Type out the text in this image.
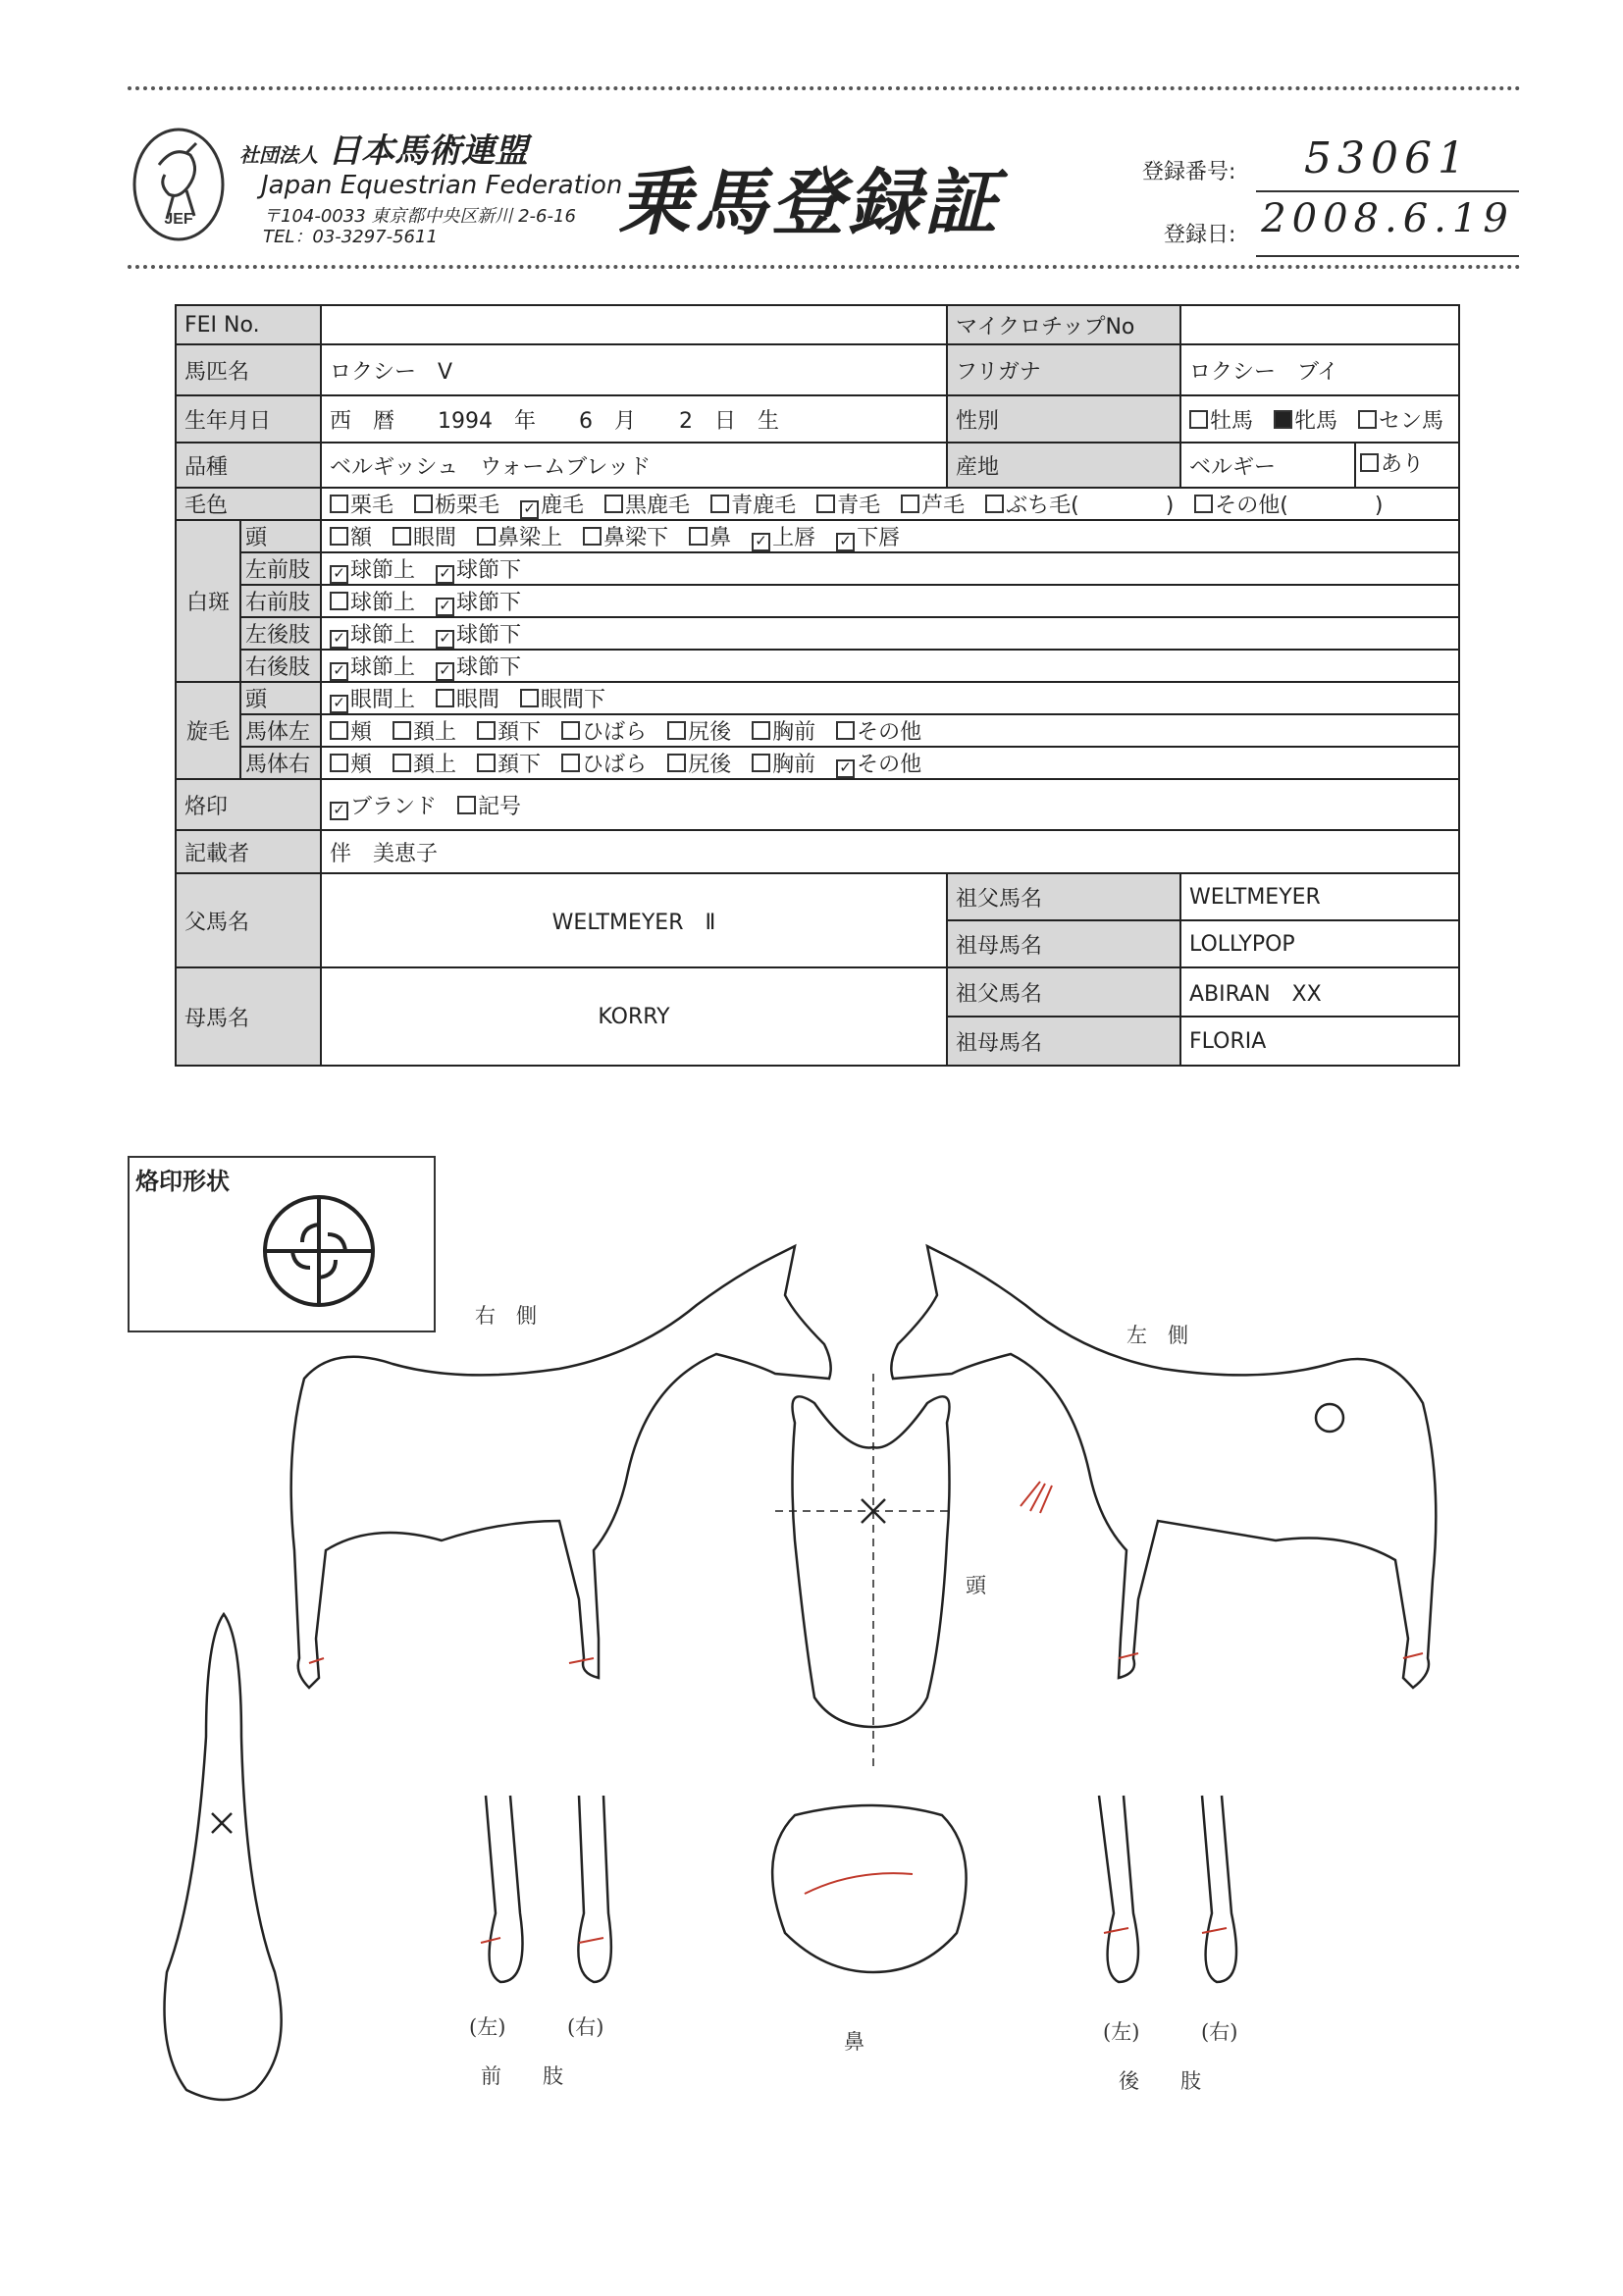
JEF
社団法人 日本馬術連盟
Japan Equestrian Federation
〒104-0033 東京都中央区新川 2-6-16
TEL：03-3297-5611	乗馬登録証	登録番号:	53061
登録日: 2008.6.19
FEI No.			マイクロチップNo		
馬匹名		ロクシー　V	フリガナ	ロクシー　ブイ	
生年月日		西　暦　　1994　年　　6　月　　2　日　生	性別	牡馬 牝馬 セン馬	
品種		ベルギッシュ　ウォームブレッド	産地	ベルギー	あり

毛色		栗毛 栃栗毛 ✓ 鹿毛 黒鹿毛 青鹿毛 青毛 芦毛 ぶち毛(　　　　) その他(　　　　)			
白斑	頭	額 眼間 鼻梁上 鼻梁下 鼻 ✓ 上唇 ✓ 下唇			
	左前肢	✓ 球節上 ✓ 球節下			
	右前肢	球節上 ✓ 球節下			
	左後肢	✓ 球節上 ✓ 球節下			
	右後肢	✓ 球節上 ✓ 球節下			
旋毛	頭	✓ 眼間上 眼間 眼間下			
	馬体左	頬 頚上 頚下 ひばら 尻後 胸前 その他			
	馬体右	頬 頚上 頚下 ひばら 尻後 胸前 ✓ その他			
烙印		✓ ブランド 記号			
記載者		伴　美恵子			
父馬名		WELTMEYER　Ⅱ	祖父馬名	WELTMEYER	
			祖母馬名	LOLLYPOP	
母馬名		KORRY	祖父馬名	ABIRAN　XX	
			祖母馬名	FLORIA	
烙印形状
右　側
左　側
頭
(左)	(右)
前　　肢
鼻	(左)	(右)
後　　肢
